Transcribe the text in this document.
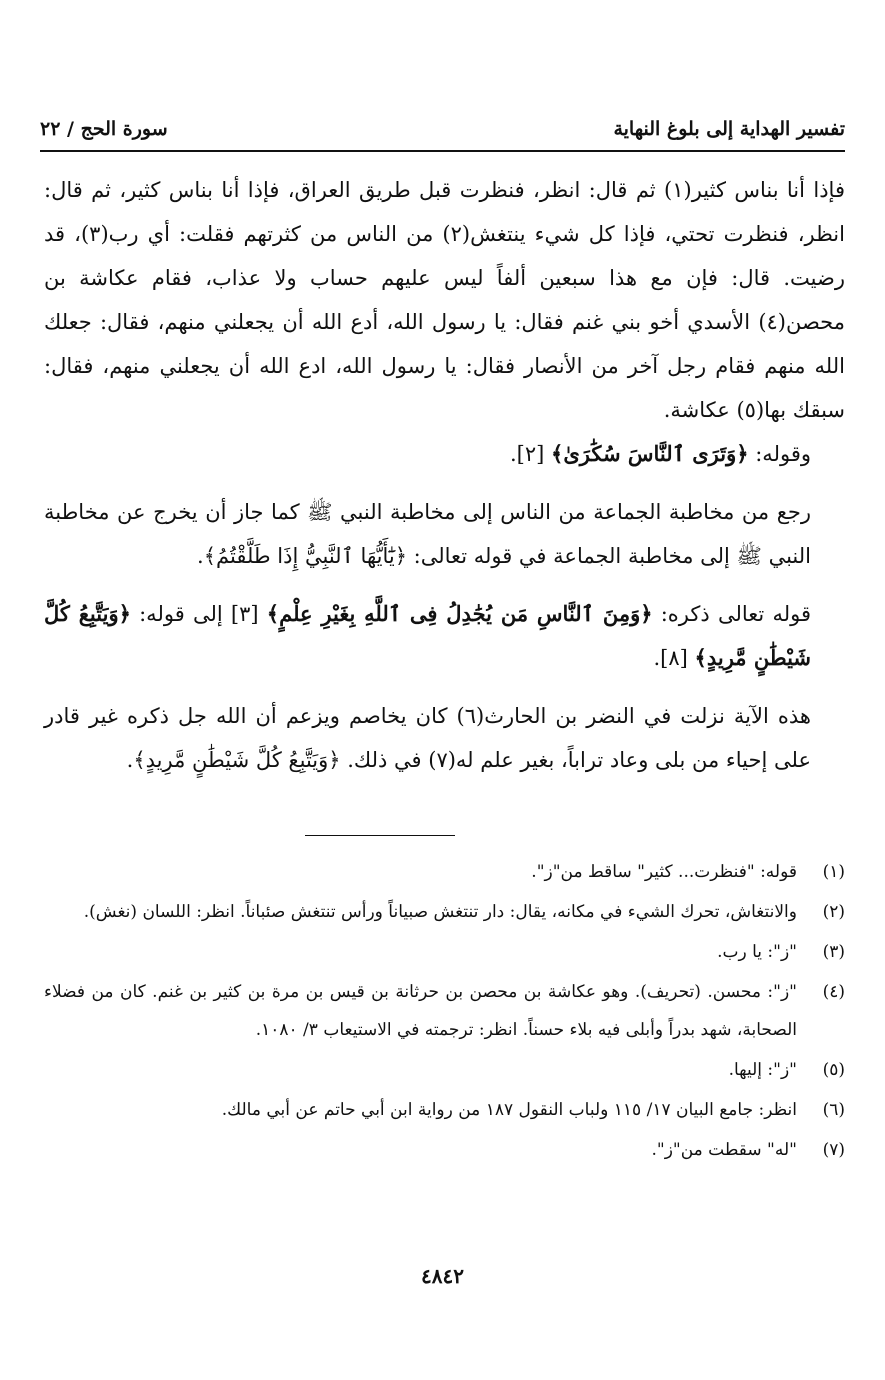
تفسير الهداية إلى بلوغ النهاية
سورة الحج / ٢٢

فإذا أنا بناس كثير(١) ثم قال: انظر، فنظرت قبل طريق العراق، فإذا أنا بناس كثير، ثم قال: انظر، فنظرت تحتي، فإذا كل شيء ينتغش(٢) من الناس من كثرتهم فقلت: أي رب(٣)، قد رضيت. قال: فإن مع هذا سبعين ألفاً ليس عليهم حساب ولا عذاب، فقام عكاشة بن محصن(٤) الأسدي أخو بني غنم فقال: يا رسول الله، أدع الله أن يجعلني منهم، فقال: جعلك الله منهم فقام رجل آخر من الأنصار فقال: يا رسول الله، ادع الله أن يجعلني منهم، فقال: سبقك بها(٥) عكاشة.

وقوله: ﴿وَتَرَى ٱلنَّاسَ سُكَٰرَىٰ﴾ [٢].

رجع من مخاطبة الجماعة من الناس إلى مخاطبة النبي ﷺ كما جاز أن يخرج عن مخاطبة النبي ﷺ إلى مخاطبة الجماعة في قوله تعالى: ﴿يَٰٓأَيُّهَا ٱلنَّبِيُّ إِذَا طَلَّقْتُمُ﴾.

قوله تعالى ذكره: ﴿وَمِنَ ٱلنَّاسِ مَن يُجَٰدِلُ فِى ٱللَّهِ بِغَيْرِ عِلْمٍ﴾ [٣] إلى قوله: ﴿وَيَتَّبِعُ كُلَّ شَيْطَٰنٍ مَّرِيدٍ﴾ [٨].

هذه الآية نزلت في النضر بن الحارث(٦) كان يخاصم ويزعم أن الله جل ذكره غير قادر على إحياء من بلى وعاد تراباً، بغير علم له(٧) في ذلك. ﴿وَيَتَّبِعُ كُلَّ شَيْطَٰنٍ مَّرِيدٍ﴾.

(١)
قوله: "فنظرت... كثير" ساقط من"ز".
(٢)
والانتغاش، تحرك الشيء في مكانه، يقال: دار تنتغش صبياناً ورأس تنتغش صئباناً. انظر: اللسان (نغش).
(٣)
"ز": يا رب.
(٤)
"ز": محسن. (تحريف). وهو عكاشة بن محصن بن حرثانة بن قيس بن مرة بن كثير بن غنم. كان من فضلاء الصحابة، شهد بدراً وأبلى فيه بلاء حسناً. انظر: ترجمته في الاستيعاب ٣/ ١٠٨٠.
(٥)
"ز": إليها.
(٦)
انظر: جامع البيان ١٧/ ١١٥ ولباب النقول ١٨٧ من رواية ابن أبي حاتم عن أبي مالك.
(٧)
"له" سقطت من"ز".
٤٨٤٢
